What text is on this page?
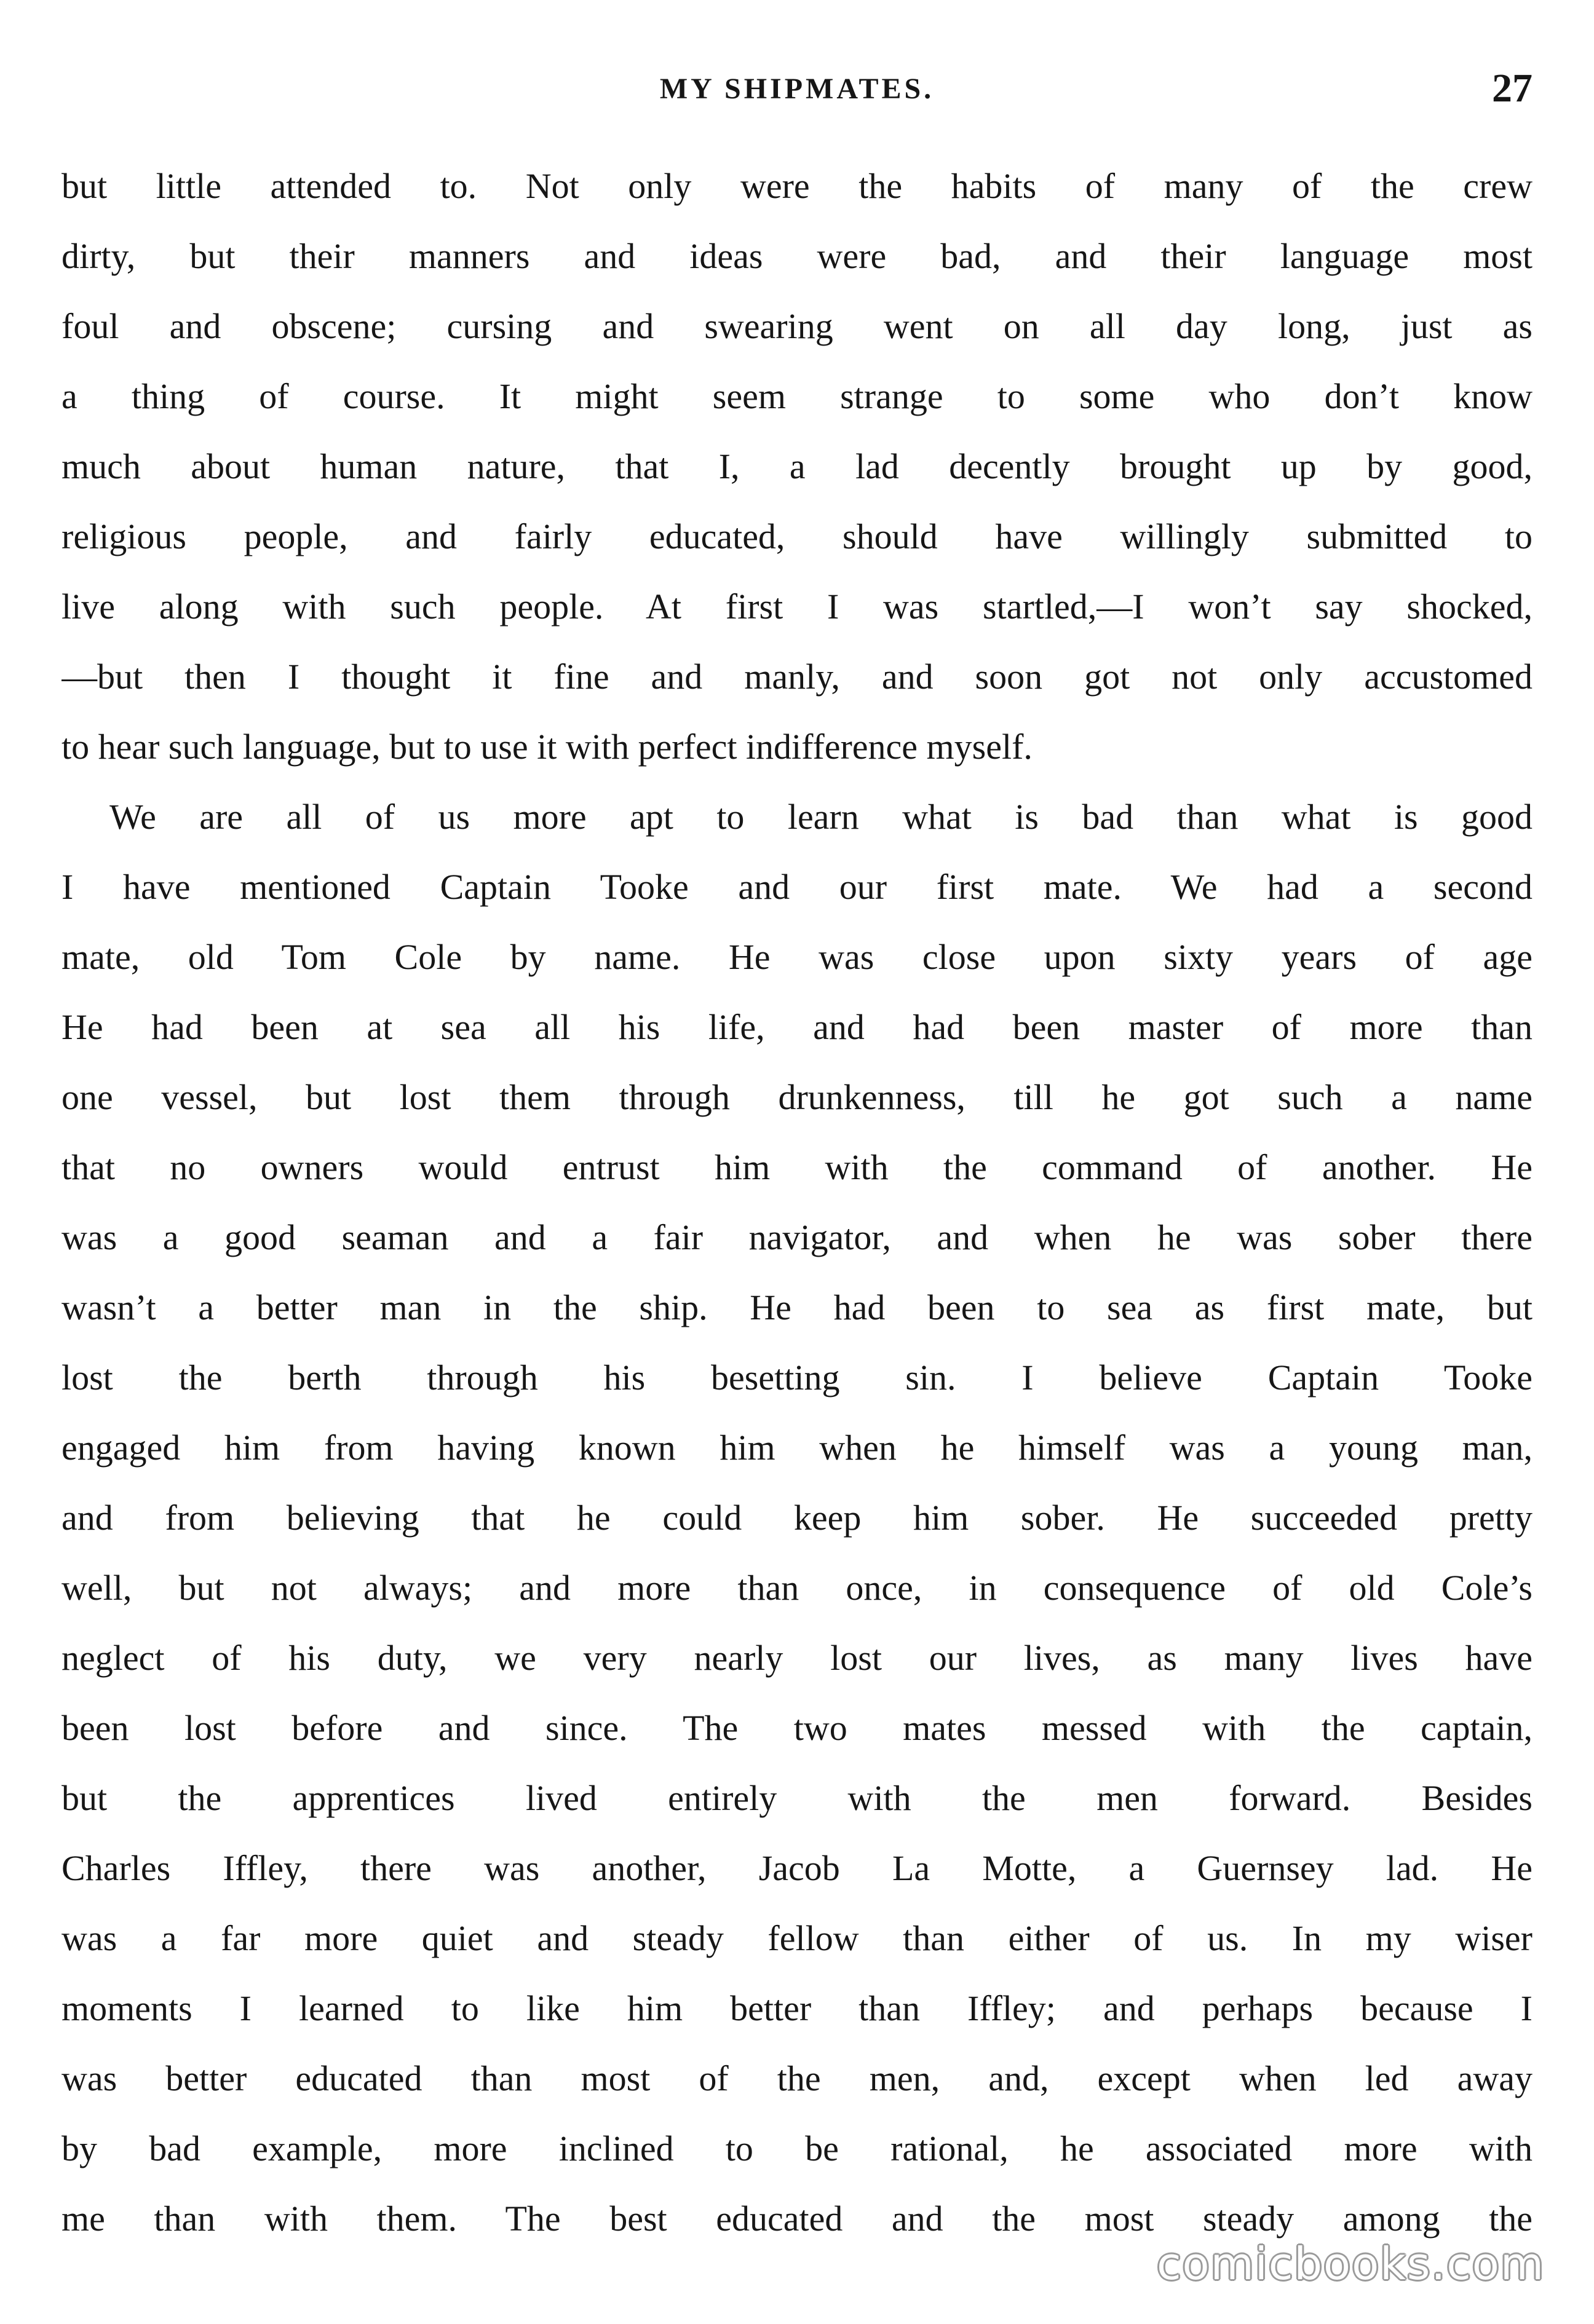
MY SHIPMATES.	27
but little attended to. Not only were the habits of many of the crew
dirty, but their manners and ideas were bad, and their language most
foul and obscene; cursing and swearing went on all day long, just as
a thing of course. It might seem strange to some who don’t know
much about human nature, that I, a lad decently brought up by good,
religious people, and fairly educated, should have willingly submitted to
live along with such people. At first I was startled,—I won’t say shocked,
—but then I thought it fine and manly, and soon got not only accustomed
to hear such language, but to use it with perfect indifference myself.
We are all of us more apt to learn what is bad than what is good
I have mentioned Captain Tooke and our first mate. We had a second
mate, old Tom Cole by name. He was close upon sixty years of age
He had been at sea all his life, and had been master of more than
one vessel, but lost them through drunkenness, till he got such a name
that no owners would entrust him with the command of another. He
was a good seaman and a fair navigator, and when he was sober there
wasn’t a better man in the ship. He had been to sea as first mate, but
lost the berth through his besetting sin. I believe Captain Tooke
engaged him from having known him when he himself was a young man,
and from believing that he could keep him sober. He succeeded pretty
well, but not always; and more than once, in consequence of old Cole’s
neglect of his duty, we very nearly lost our lives, as many lives have
been lost before and since. The two mates messed with the captain,
but the apprentices lived entirely with the men forward. Besides
Charles Iffley, there was another, Jacob La Motte, a Guernsey lad. He
was a far more quiet and steady fellow than either of us. In my wiser
moments I learned to like him better than Iffley; and perhaps because I
was better educated than most of the men, and, except when led away
by bad example, more inclined to be rational, he associated more with
me than with them. The best educated and the most steady among the
comicbooks.com
